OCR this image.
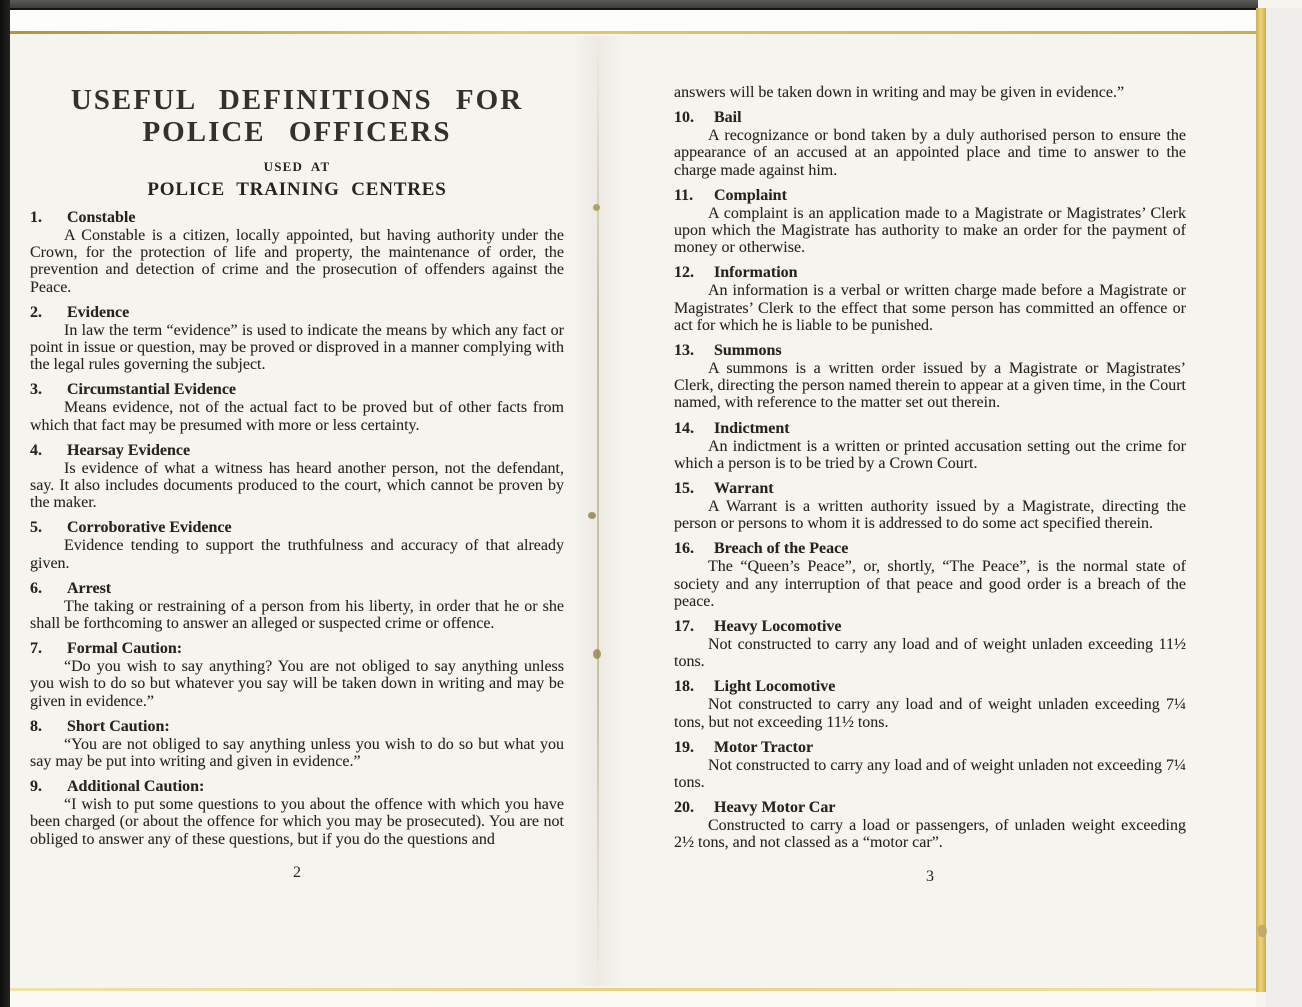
USEFUL DEFINITIONS FOR
POLICE OFFICERS
USED AT
POLICE TRAINING CENTRES
1. Constable

A Constable is a citizen, locally appointed, but having authority under the Crown, for the protection of life and property, the maintenance of order, the prevention and detection of crime and the prosecution of offenders against the Peace.

2. Evidence

In law the term “evidence” is used to indicate the means by which any fact or point in issue or question, may be proved or disproved in a manner complying with the legal rules governing the subject.

3. Circumstantial Evidence

Means evidence, not of the actual fact to be proved but of other facts from which that fact may be presumed with more or less certainty.

4. Hearsay Evidence

Is evidence of what a witness has heard another person, not the defendant, say. It also includes documents produced to the court, which cannot be proven by the maker.

5. Corroborative Evidence

Evidence tending to support the truthfulness and accuracy of that already given.

6. Arrest

The taking or restraining of a person from his liberty, in order that he or she shall be forthcoming to answer an alleged or suspected crime or offence.

7. Formal Caution:

“Do you wish to say anything? You are not obliged to say anything unless you wish to do so but whatever you say will be taken down in writing and may be given in evidence.”

8. Short Caution:

“You are not obliged to say anything unless you wish to do so but what you say may be put into writing and given in evidence.”

9. Additional Caution:

“I wish to put some questions to you about the offence with which you have been charged (or about the offence for which you may be prosecuted). You are not obliged to answer any of these questions, but if you do the questions and

2

answers will be taken down in writing and may be given in evidence.”

10. Bail

A recognizance or bond taken by a duly authorised person to ensure the appearance of an accused at an appointed place and time to answer to the charge made against him.

11. Complaint

A complaint is an application made to a Magistrate or Magistrates’ Clerk upon which the Magistrate has authority to make an order for the payment of money or otherwise.

12. Information

An information is a verbal or written charge made before a Magistrate or Magistrates’ Clerk to the effect that some person has committed an offence or act for which he is liable to be punished.

13. Summons

A summons is a written order issued by a Magistrate or Magistrates’ Clerk, directing the person named therein to appear at a given time, in the Court named, with reference to the matter set out therein.

14. Indictment

An indictment is a written or printed accusation setting out the crime for which a person is to be tried by a Crown Court.

15. Warrant

A Warrant is a written authority issued by a Magistrate, directing the person or persons to whom it is addressed to do some act specified therein.

16. Breach of the Peace

The “Queen’s Peace”, or, shortly, “The Peace”, is the normal state of society and any interruption of that peace and good order is a breach of the peace.

17. Heavy Locomotive

Not constructed to carry any load and of weight unladen exceeding 11½ tons.

18. Light Locomotive

Not constructed to carry any load and of weight unladen exceeding 7¼ tons, but not exceeding 11½ tons.

19. Motor Tractor

Not constructed to carry any load and of weight unladen not exceeding 7¼ tons.

20. Heavy Motor Car

Constructed to carry a load or passengers, of unladen weight exceeding 2½ tons, and not classed as a “motor car”.

3
